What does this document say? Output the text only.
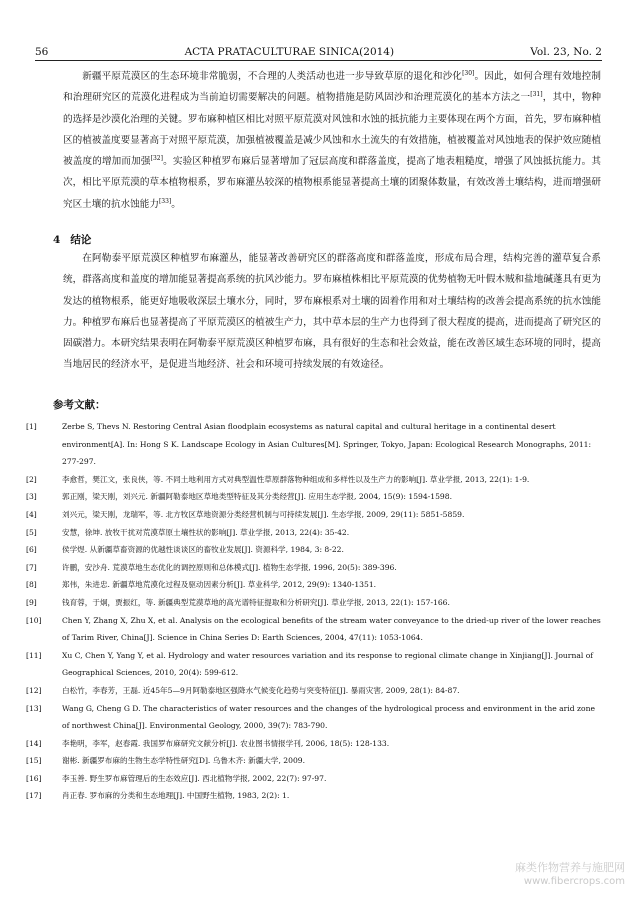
56	ACTA PRATACULTURAE SINICA(2014)	Vol. 23, No. 2

新疆平原荒漠区的生态环境非常脆弱，不合理的人类活动也进一步导致草原的退化和沙化[30]。因此，如何合理有效地控制和治理研究区的荒漠化进程成为当前迫切需要解决的问题。植物措施是防风固沙和治理荒漠化的基本方法之一[31]，其中，物种的选择是沙漠化治理的关键。罗布麻种植区相比对照平原荒漠对风蚀和水蚀的抵抗能力主要体现在两个方面，首先，罗布麻种植区的植被盖度要显著高于对照平原荒漠，加强植被覆盖是减少风蚀和水土流失的有效措施，植被覆盖对风蚀地表的保护效应随植被盖度的增加而加强[32]。实验区种植罗布麻后显著增加了冠层高度和群落盖度，提高了地表粗糙度，增强了风蚀抵抗能力。其次，相比平原荒漠的草本植物根系，罗布麻灌丛较深的植物根系能显著提高土壤的团聚体数量，有效改善土壤结构，进而增强研究区土壤的抗水蚀能力[33]。

4 结论

在阿勒泰平原荒漠区种植罗布麻灌丛，能显著改善研究区的群落高度和群落盖度，形成布局合理，结构完善的灌草复合系统，群落高度和盖度的增加能显著提高系统的抗风沙能力。罗布麻植株相比平原荒漠的优势植物无叶假木贼和盐地碱蓬具有更为发达的植物根系，能更好地吸收深层土壤水分，同时，罗布麻根系对土壤的固着作用和对土壤结构的改善会提高系统的抗水蚀能力。种植罗布麻后也显著提高了平原荒漠区的植被生产力，其中草本层的生产力也得到了很大程度的提高，进而提高了研究区的固碳潜力。本研究结果表明在阿勒泰平原荒漠区种植罗布麻，具有很好的生态和社会效益，能在改善区域生态环境的同时，提高当地居民的经济水平，是促进当地经济、社会和环境可持续发展的有效途径。

参考文献：
[1]	Zerbe S, Thevs N. Restoring Central Asian floodplain ecosystems as natural capital and cultural heritage in a continental desert environment[A]. In: Hong S K. Landscape Ecology in Asian Cultures[M]. Springer, Tokyo, Japan: Ecological Research Monographs, 2011: 277-297.
[2]	李愈哲，樊江文，张良侠，等. 不同土地利用方式对典型温性草原群落物种组成和多样性以及生产力的影响[J]. 草业学报, 2013, 22(1): 1-9.
[3]	郭正刚，梁天刚，刘兴元. 新疆阿勒泰地区草地类型特征及其分类经营[J]. 应用生态学报, 2004, 15(9): 1594-1598.
[4]	刘兴元，梁天刚，龙瑞军，等. 北方牧区草地资源分类经营机制与可持续发展[J]. 生态学报, 2009, 29(11): 5851-5859.
[5]	安慧，徐坤. 放牧干扰对荒漠草原土壤性状的影响[J]. 草业学报, 2013, 22(4): 35-42.
[6]	侯学煜. 从新疆草畜资源的优越性谈谈区的畜牧业发展[J]. 资源科学, 1984, 3: 8-22.
[7]	许鹏，安沙舟. 荒漠草地生态优化的调控原则和总体模式[J]. 植物生态学报, 1996, 20(5): 389-396.
[8]	郑伟，朱进忠. 新疆草地荒漠化过程及驱动因素分析[J]. 草业科学, 2012, 29(9): 1340-1351.
[9]	钱育蓉，于炯，贾振红，等. 新疆典型荒漠草地的高光谱特征提取和分析研究[J]. 草业学报, 2013, 22(1): 157-166.
[10]	Chen Y, Zhang X, Zhu X, et al. Analysis on the ecological benefits of the stream water conveyance to the dried-up river of the lower reaches of Tarim River, China[J]. Science in China Series D: Earth Sciences, 2004, 47(11): 1053-1064.
[11]	Xu C, Chen Y, Yang Y, et al. Hydrology and water resources variation and its response to regional climate change in Xinjiang[J]. Journal of Geographical Sciences, 2010, 20(4): 599-612.
[12]	白松竹，李春芳，王磊. 近45年5—9月阿勒泰地区强降水气候变化趋势与突变特征[J]. 暴雨灾害, 2009, 28(1): 84-87.
[13]	Wang G, Cheng G D. The characteristics of water resources and the changes of the hydrological process and environment in the arid zone of northwest China[J]. Environmental Geology, 2000, 39(7): 783-790.
[14]	李艳明，李军，赵春霞. 我国罗布麻研究文献分析[J]. 农业图书情报学刊, 2006, 18(5): 128-133.
[15]	谢彬. 新疆罗布麻的生物生态学特性研究[D]. 乌鲁木齐: 新疆大学, 2009.
[16]	李玉善. 野生罗布麻管理后的生态效应[J]. 西北植物学报, 2002, 22(7): 97-97.
[17]	肖正春. 罗布麻的分类和生态地理[J]. 中国野生植物, 1983, 2(2): 1.
麻类作物营养与施肥网
www.fibercrops.com
